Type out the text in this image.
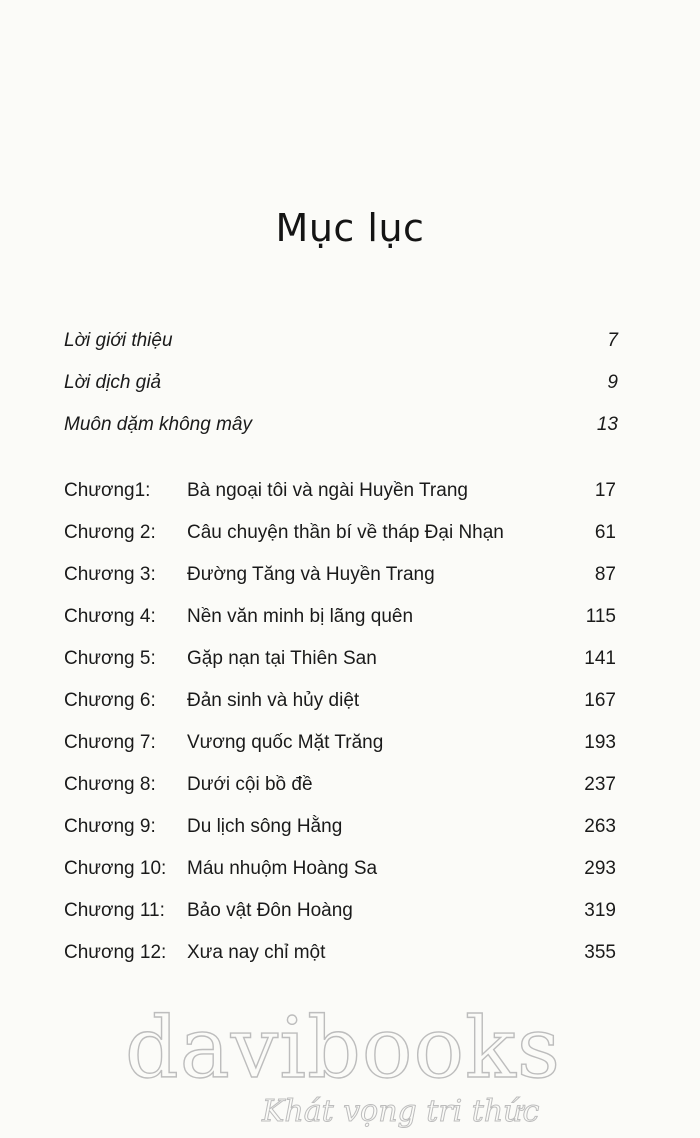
Mục lục
Lời giới thiệu	7
Lời dịch giả	9
Muôn dặm không mây	13
Chương1: Bà ngoại tôi và ngài Huyền Trang	17
Chương 2: Câu chuyện thần bí về tháp Đại Nhạn	61
Chương 3: Đường Tăng và Huyền Trang	87
Chương 4: Nền văn minh bị lãng quên	115
Chương 5: Gặp nạn tại Thiên San	141
Chương 6: Đản sinh và hủy diệt	167
Chương 7: Vương quốc Mặt Trăng	193
Chương 8: Dưới cội bồ đề	237
Chương 9: Du lịch sông Hằng	263
Chương 10: Máu nhuộm Hoàng Sa	293
Chương 11: Bảo vật Đôn Hoàng	319
Chương 12: Xưa nay chỉ một	355
davibooks
Khát vọng tri thức
